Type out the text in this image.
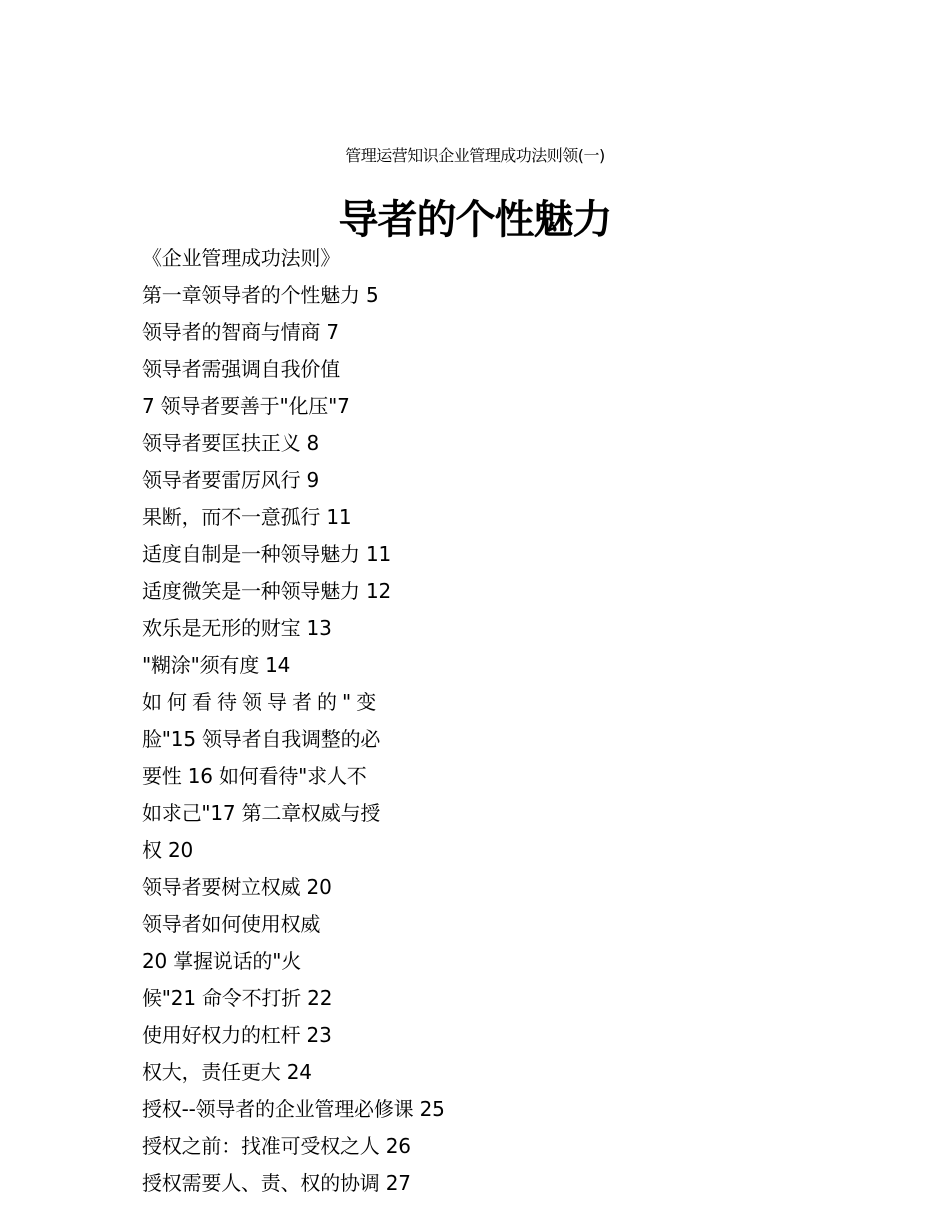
管理运营知识企业管理成功法则领(一)
导者的个性魅力
《企业管理成功法则》
第一章领导者的个性魅力 5
领导者的智商与情商 7
领导者需强调自我价值
7 领导者要善于"化压"7
领导者要匡扶正义 8
领导者要雷厉风行 9
果断，而不一意孤行 11
适度自制是一种领导魅力 11
适度微笑是一种领导魅力 12
欢乐是无形的财宝 13
"糊涂"须有度 14
如何看待领导者的"变
脸"15 领导者自我调整的必
要性 16 如何看待"求人不
如求己"17 第二章权威与授
权 20
领导者要树立权威 20
领导者如何使用权威
20 掌握说话的"火
候"21 命令不打折 22
使用好权力的杠杆 23
权大，责任更大 24
授权--领导者的企业管理必修课 25
授权之前：找准可受权之人 26
授权需要人、责、权的协调 27
